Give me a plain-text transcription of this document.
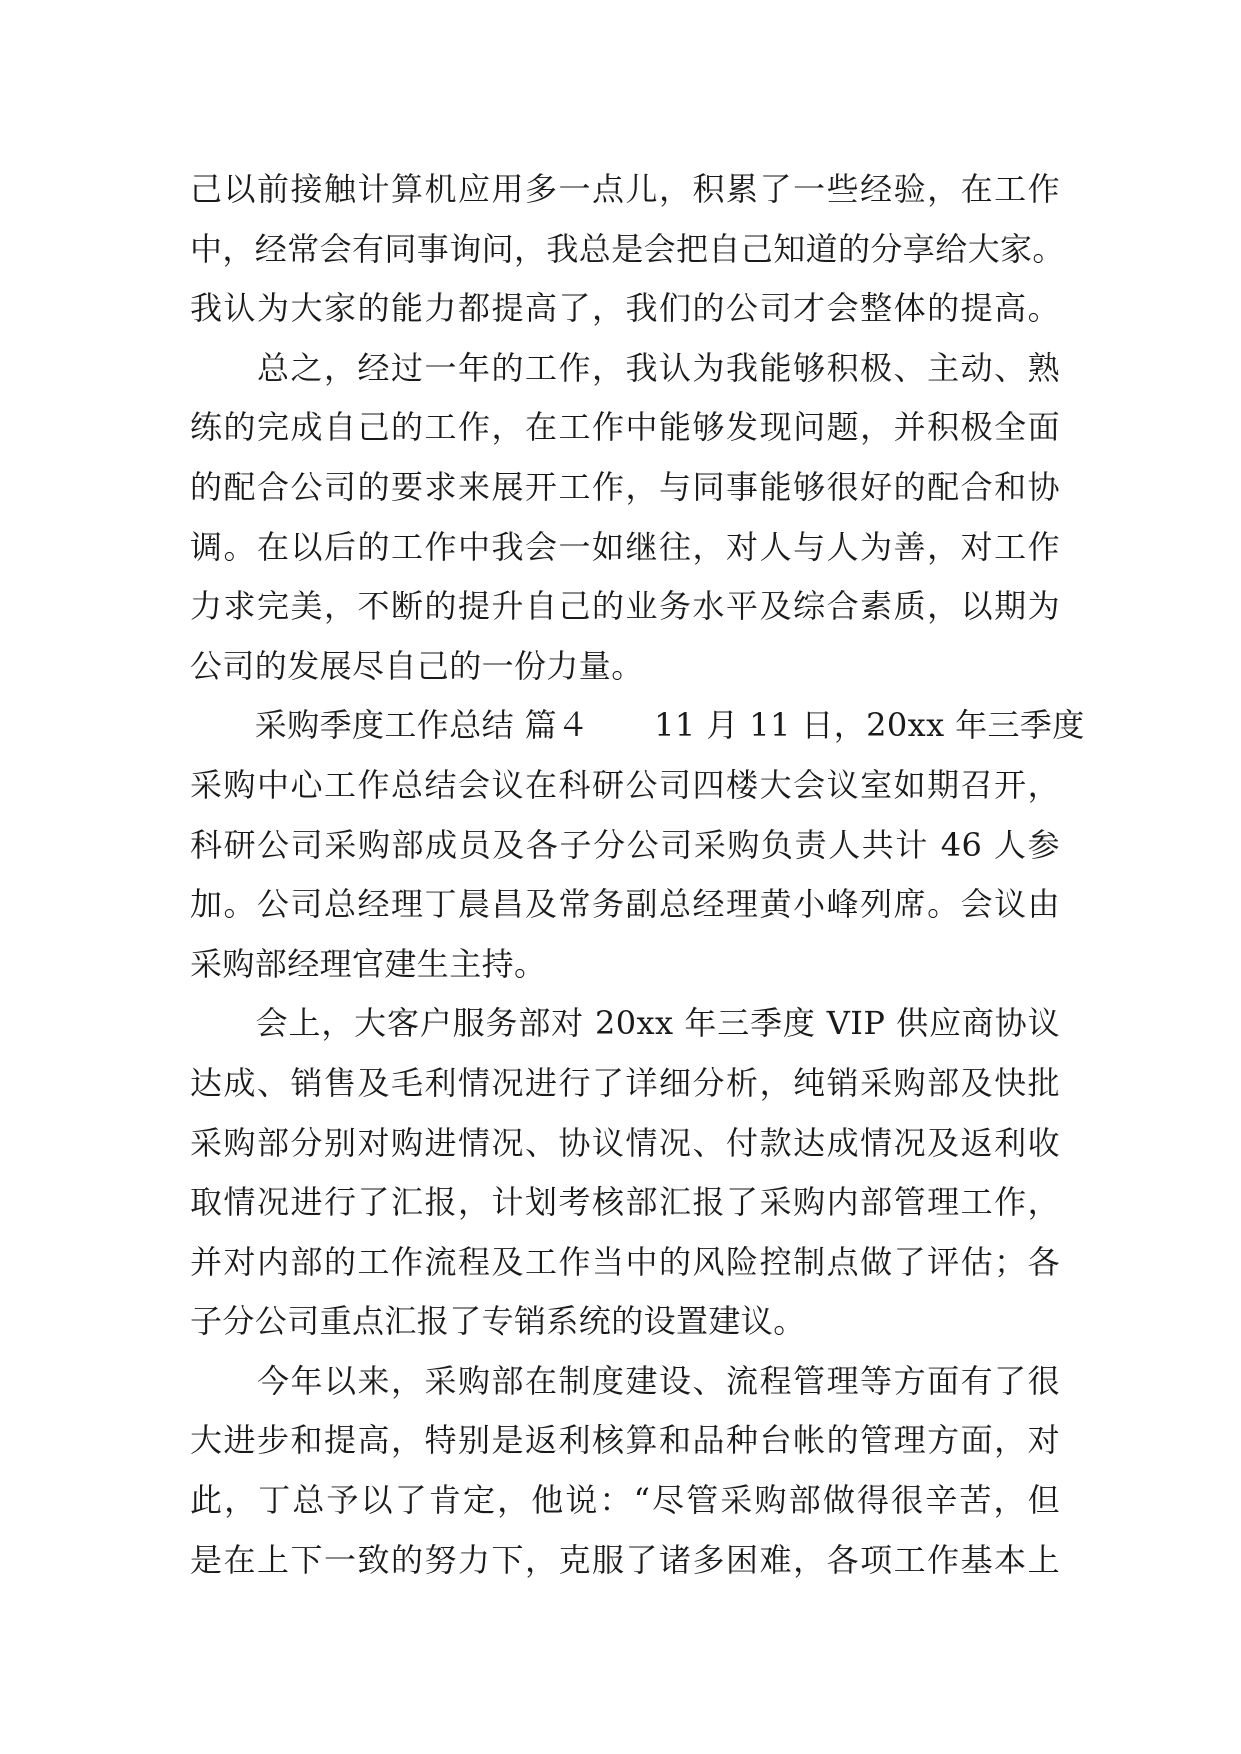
己以前接触计算机应用多一点儿，积累了一些经验，在工作
中，经常会有同事询问，我总是会把自己知道的分享给大家。
我认为大家的能力都提高了，我们的公司才会整体的提高。
　　总之，经过一年的工作，我认为我能够积极、主动、熟
练的完成自己的工作，在工作中能够发现问题，并积极全面
的配合公司的要求来展开工作，与同事能够很好的配合和协
调。在以后的工作中我会一如继往，对人与人为善，对工作
力求完美，不断的提升自己的业务水平及综合素质，以期为
公司的发展尽自己的一份力量。
　　采购季度工作总结 篇４　　11 月 11 日，20xx 年三季度
采购中心工作总结会议在科研公司四楼大会议室如期召开，
科研公司采购部成员及各子分公司采购负责人共计 46 人参
加。公司总经理丁晨昌及常务副总经理黄小峰列席。会议由
采购部经理官建生主持。
　　会上，大客户服务部对 20xx 年三季度 VIP 供应商协议
达成、销售及毛利情况进行了详细分析，纯销采购部及快批
采购部分别对购进情况、协议情况、付款达成情况及返利收
取情况进行了汇报，计划考核部汇报了采购内部管理工作，
并对内部的工作流程及工作当中的风险控制点做了评估；各
子分公司重点汇报了专销系统的设置建议。
　　今年以来，采购部在制度建设、流程管理等方面有了很
大进步和提高，特别是返利核算和品种台帐的管理方面，对
此，丁总予以了肯定，他说：“尽管采购部做得很辛苦，但
是在上下一致的努力下，克服了诸多困难，各项工作基本上
